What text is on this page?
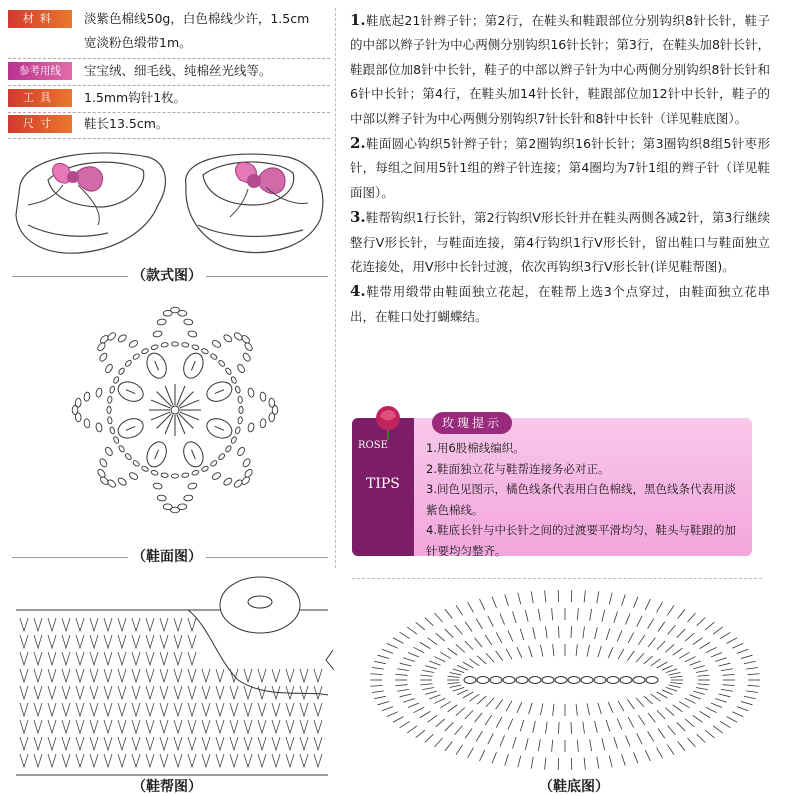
材料	淡紫色棉线50g，白色棉线少许，1.5cm
宽淡粉色缎带1m。
参考用线	宝宝绒、细毛线、纯棉丝光线等。
工具	1.5mm钩针1枚。
尺寸	鞋长13.5cm。
（款式图）
（鞋面图）
（鞋帮图）

1.鞋底起21针辫子针；第2行，在鞋头和鞋跟部位分别钩织8针长针，鞋子的中部以辫子针为中心两侧分别钩织16针长针；第3行，在鞋头加8针长针，鞋跟部位加8针中长针，鞋子的中部以辫子针为中心两侧分别钩织8针长针和6针中长针；第4行，在鞋头加14针长针，鞋跟部位加12针中长针，鞋子的中部以辫子针为中心两侧分别钩织7针长针和8针中长针（详见鞋底图）。

2.鞋面圆心钩织5针辫子针；第2圈钩织16针长针；第3圈钩织8组5针枣形针，每组之间用5针1组的辫子针连接；第4圈均为7针1组的辫子针（详见鞋面图）。

3.鞋帮钩织1行长针，第2行钩织V形长针并在鞋头两侧各减2针，第3行继续整行V形长针，与鞋面连接，第4行钩织1行V形长针，留出鞋口与鞋面独立花连接处，用V形中长针过渡，依次再钩织3行V形长针(详见鞋帮图)。

4.鞋带用缎带由鞋面独立花起，在鞋帮上选3个点穿过，由鞋面独立花串出，在鞋口处打蝴蝶结。

ROSE
TIPS
玫瑰提示
1.用6股棉线编织。
2.鞋面独立花与鞋帮连接务必对正。
3.间色见图示，橘色线条代表用白色棉线，黑色线条代表用淡紫色棉线。
4.鞋底长针与中长针之间的过渡要平滑均匀，鞋头与鞋跟的加针要均匀整齐。
（鞋底图）
